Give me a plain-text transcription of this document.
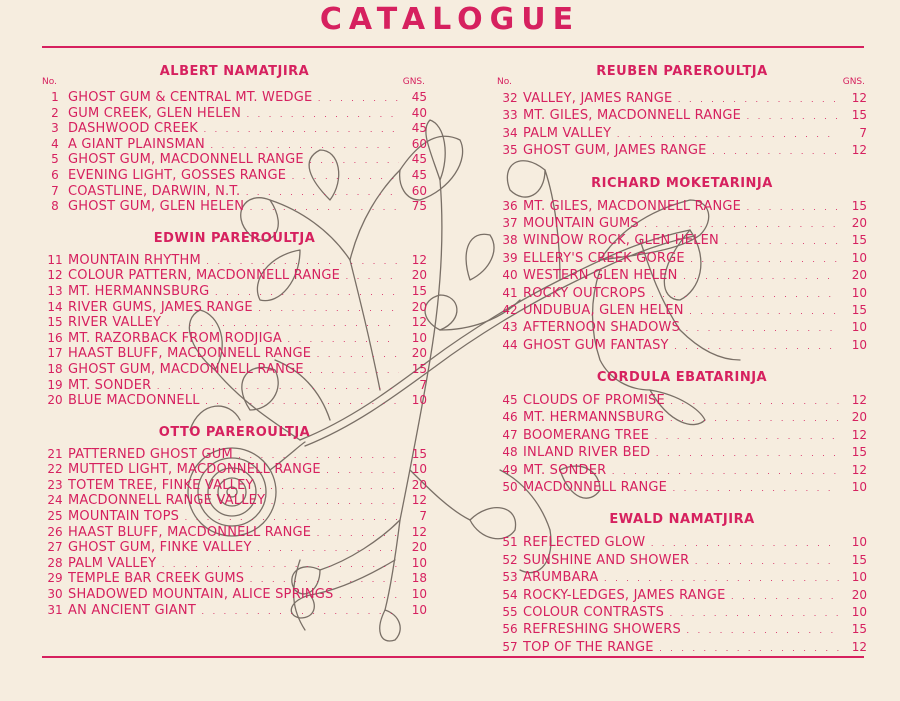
CATALOGUE
No.	GNS.
ALBERT NAMATJIRA
1 GHOST GUM & CENTRAL MT. WEDGE . . .	45
2 GUM CREEK, GLEN HELEN . . .	40
3 DASHWOOD CREEK . . .	45
4 A GIANT PLAINSMAN . . .	60
5 GHOST GUM, MACDONNELL RANGE . . .	45
6 EVENING LIGHT, GOSSES RANGE . . .	45
7 COASTLINE, DARWIN, N.T. . . .	60
8 GHOST GUM, GLEN HELEN . . .	75
EDWIN PAREROULTJA
11 MOUNTAIN RHYTHM . . .	12
12 COLOUR PATTERN, MACDONNELL RANGE . . .	20
13 MT. HERMANNSBURG . . .	15
14 RIVER GUMS, JAMES RANGE . . .	20
15 RIVER VALLEY . . .	12
16 MT. RAZORBACK FROM RODJIGA . . .	10
17 HAAST BLUFF, MACDONNELL RANGE . . .	20
18 GHOST GUM, MACDONNELL RANGE . . .	15
19 MT. SONDER . . .	7
20 BLUE MACDONNELL . . .	10
OTTO PAREROULTJA
21 PATTERNED GHOST GUM . . .	15
22 MUTTED LIGHT, MACDONNELL RANGE . . .	10
23 TOTEM TREE, FINKE VALLEY . . .	20
24 MACDONNELL RANGE VALLEY . . .	12
25 MOUNTAIN TOPS . . .	7
26 HAAST BLUFF, MACDONNELL RANGE . . .	12
27 GHOST GUM, FINKE VALLEY . . .	20
28 PALM VALLEY . . .	10
29 TEMPLE BAR CREEK GUMS . . .	18
30 SHADOWED MOUNTAIN, ALICE SPRINGS . . .	10
31 AN ANCIENT GIANT . . .	10
No.	GNS.
REUBEN PAREROULTJA
32 VALLEY, JAMES RANGE . . .	12
33 MT. GILES, MACDONNELL RANGE . . .	15
34 PALM VALLEY . . .	7
35 GHOST GUM, JAMES RANGE . . .	12
RICHARD MOKETARINJA
36 MT. GILES, MACDONNELL RANGE . . .	15
37 MOUNTAIN GUMS . . .	20
38 WINDOW ROCK, GLEN HELEN . . .	15
39 ELLERY'S CREEK GORGE . . .	10
40 WESTERN GLEN HELEN . . .	20
41 ROCKY OUTCROPS . . .	10
42 UNDUBUA, GLEN HELEN . . .	15
43 AFTERNOON SHADOWS . . .	10
44 GHOST GUM FANTASY . . .	10
CORDULA EBATARINJA
45 CLOUDS OF PROMISE . . .	12
46 MT. HERMANNSBURG . . .	20
47 BOOMERANG TREE . . .	12
48 INLAND RIVER BED . . .	15
49 MT. SONDER . . .	12
50 MACDONNELL RANGE . . .	10
EWALD NAMATJIRA
51 REFLECTED GLOW . . .	10
52 SUNSHINE AND SHOWER . . .	15
53 ARUMBARA . . .	10
54 ROCKY-LEDGES, JAMES RANGE . . .	20
55 COLOUR CONTRASTS . . .	10
56 REFRESHING SHOWERS . . .	15
57 TOP OF THE RANGE . . .	12
